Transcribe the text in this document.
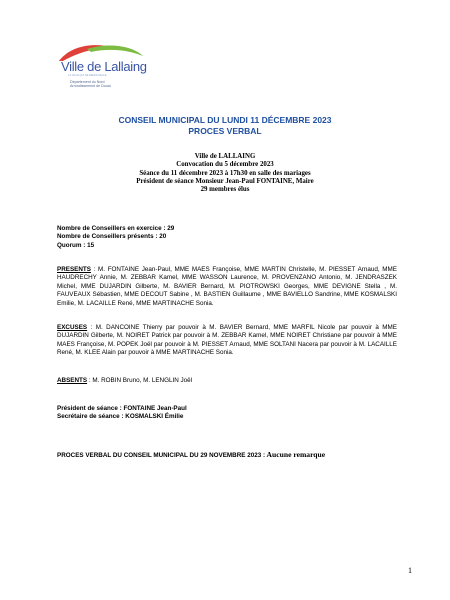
Ville de Lallaing
LA VILLE QUI SE RENOUVELLE
Département du Nord
Arrondissement de Douai
CONSEIL MUNICIPAL DU LUNDI 11 DÉCEMBRE 2023
PROCES VERBAL
Ville de LALLAING
Convocation du 5 décembre 2023
Séance du 11 décembre 2023 à 17h30 en salle des mariages
Président de séance Monsieur Jean-Paul FONTAINE, Maire
29 membres élus
Nombre de Conseillers en exercice : 29
Nombre de Conseillers présents : 20
Quorum : 15
PRESENTS : M. FONTAINE Jean-Paul, MME MAES Françoise, MME MARTIN Christelle, M. PIESSET Arnaud, MME HAUDRECHY Annie, M. ZEBBAR Kamel, MME WASSON Laurence, M. PROVENZANO Antonio, M. JENDRASZEK Michel, MME DUJARDIN Gilberte, M. BAVIER Bernard, M. PIOTROWSKI Georges, MME DEVIGNE Stella , M. FAUVEAUX Sébastien, MME DECOUT Sabine , M. BASTIEN Guillaume , MME BAVIELLO Sandrine, MME KOSMALSKI Emilie, M. LACAILLE René, MME MARTINACHE Sonia.
EXCUSES : M. DANCOINE Thierry par pouvoir à M. BAVIER Bernard, MME MARFIL Nicole par pouvoir à MME DUJARDIN Gilberte, M. NOIRET Patrick par pouvoir à M. ZEBBAR Kamel, MME NOIRET Christiane par pouvoir à MME MAES Françoise, M. POPEK Joël par pouvoir à M. PIESSET Arnaud, MME SOLTANI Nacera par pouvoir à M. LACAILLE René, M. KLEE Alain par pouvoir à MME MARTINACHE Sonia.
ABSENTS : M. ROBIN Bruno, M. LENGLIN Joël
Président de séance : FONTAINE Jean-Paul
Secrétaire de séance : KOSMALSKI Émilie
PROCES VERBAL DU CONSEIL MUNICIPAL DU 29 NOVEMBRE 2023 : Aucune remarque
1
